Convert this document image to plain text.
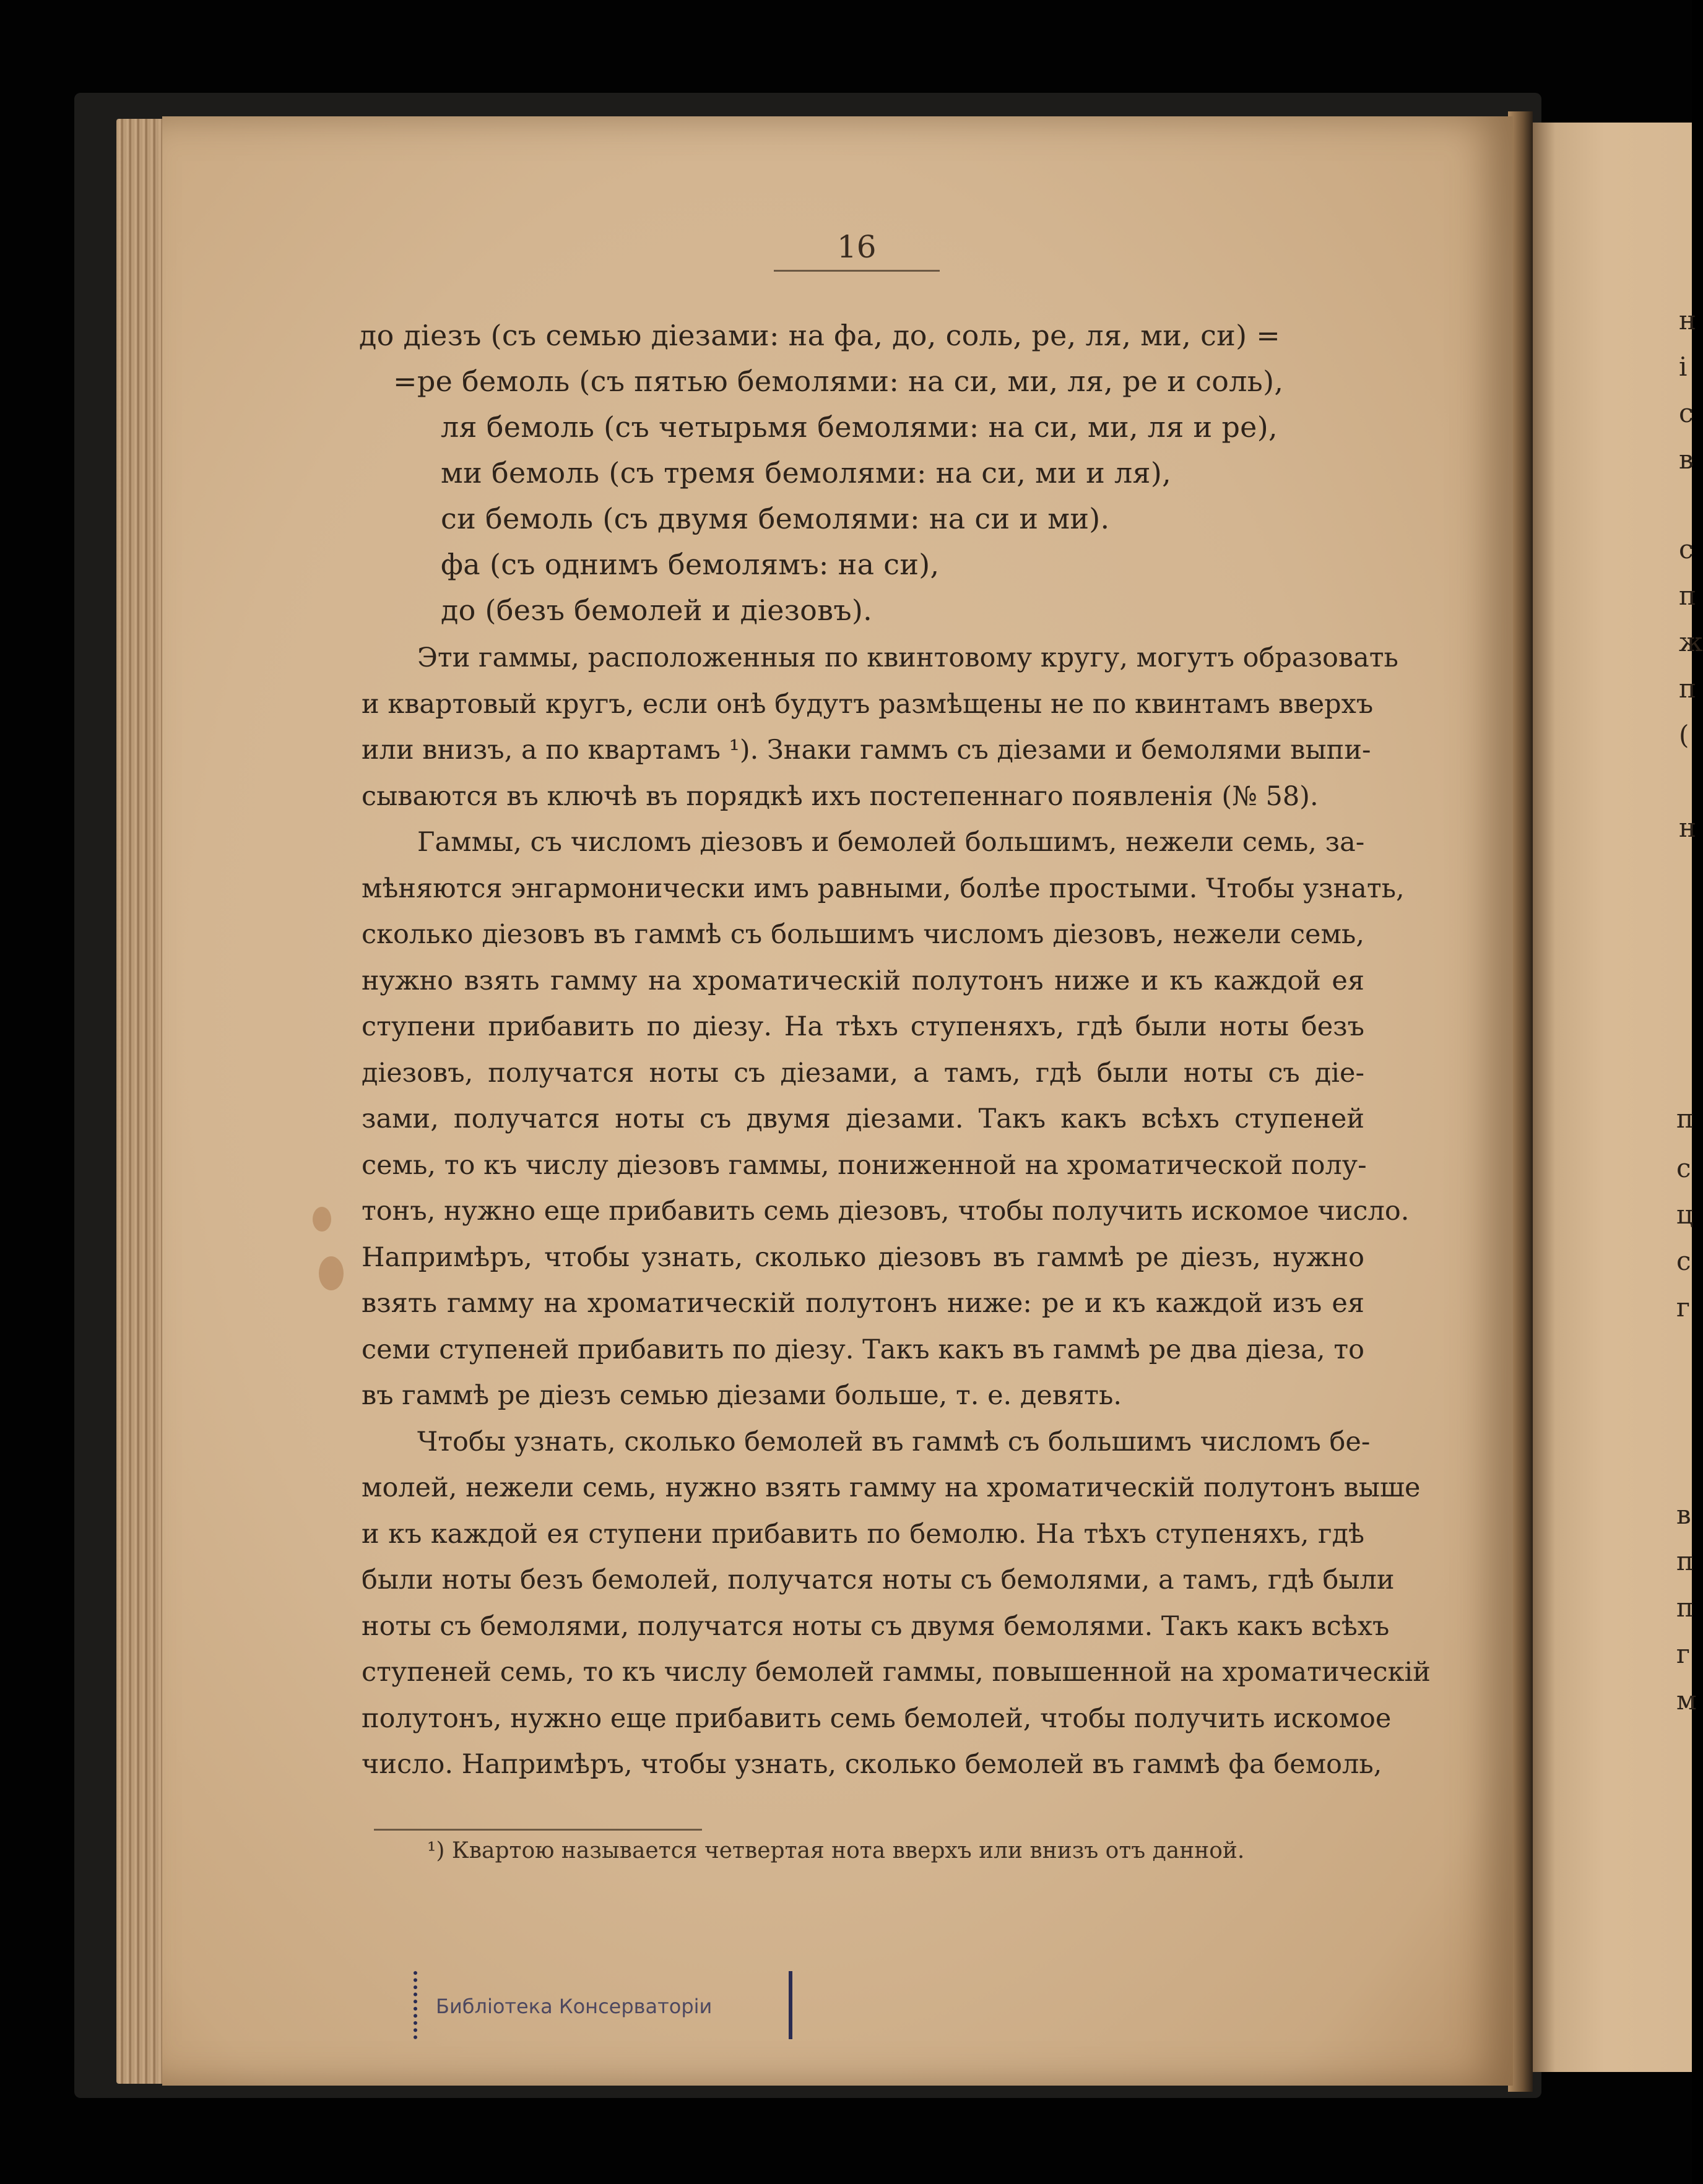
н
і
с
в
с
п
ж
п
(
н
п
с
ц
с
г
в
п
п
г
м
16
до діезъ (съ семью діезами: на фа, до, соль, ре, ля, ми, си) =
=ре бемоль (съ пятью бемолями: на си, ми, ля, ре и соль),
ля бемоль (съ четырьмя бемолями: на си, ми, ля и ре),
ми бемоль (съ тремя бемолями: на си, ми и ля),
си бемоль (съ двумя бемолями: на си и ми).
фа (съ однимъ бемолямъ: на си),
до (безъ бемолей и діезовъ).
Эти гаммы, расположенныя по квинтовому кругу, могутъ образовать
и квартовый кругъ, если онѣ будутъ размѣщены не по квинтамъ вверхъ
или внизъ, а по квартамъ ¹). Знаки гаммъ съ діезами и бемолями выпи-
сываются въ ключѣ въ порядкѣ ихъ постепеннаго появленія (№ 58).
Гаммы, съ числомъ діезовъ и бемолей большимъ, нежели семь, за-
мѣняются энгармонически имъ равными, болѣе простыми. Чтобы узнать,
сколько діезовъ въ гаммѣ съ большимъ числомъ діезовъ, нежели семь,
нужно взять гамму на хроматическій полутонъ ниже и къ каждой ея
ступени прибавить по діезу. На тѣхъ ступеняхъ, гдѣ были ноты безъ
діезовъ, получатся ноты съ діезами, а тамъ, гдѣ были ноты съ діе-
зами, получатся ноты съ двумя діезами. Такъ какъ всѣхъ ступеней
семь, то къ числу діезовъ гаммы, пониженной на хроматической полу-
тонъ, нужно еще прибавить семь діезовъ, чтобы получить искомое число.
Напримѣръ, чтобы узнать, сколько діезовъ въ гаммѣ ре діезъ, нужно
взять гамму на хроматическій полутонъ ниже: ре и къ каждой изъ ея
семи ступеней прибавить по діезу. Такъ какъ въ гаммѣ ре два діеза, то
въ гаммѣ ре діезъ семью діезами больше, т. е. девять.
Чтобы узнать, сколько бемолей въ гаммѣ съ большимъ числомъ бе-
молей, нежели семь, нужно взять гамму на хроматическій полутонъ выше
и къ каждой ея ступени прибавить по бемолю. На тѣхъ ступеняхъ, гдѣ
были ноты безъ бемолей, получатся ноты съ бемолями, а тамъ, гдѣ были
ноты съ бемолями, получатся ноты съ двумя бемолями. Такъ какъ всѣхъ
ступеней семь, то къ числу бемолей гаммы, повышенной на хроматическій
полутонъ, нужно еще прибавить семь бемолей, чтобы получить искомое
число. Напримѣръ, чтобы узнать, сколько бемолей въ гаммѣ фа бемоль,
¹) Квартою называется четвертая нота вверхъ или внизъ отъ данной.
Библіотека Консерваторіи
